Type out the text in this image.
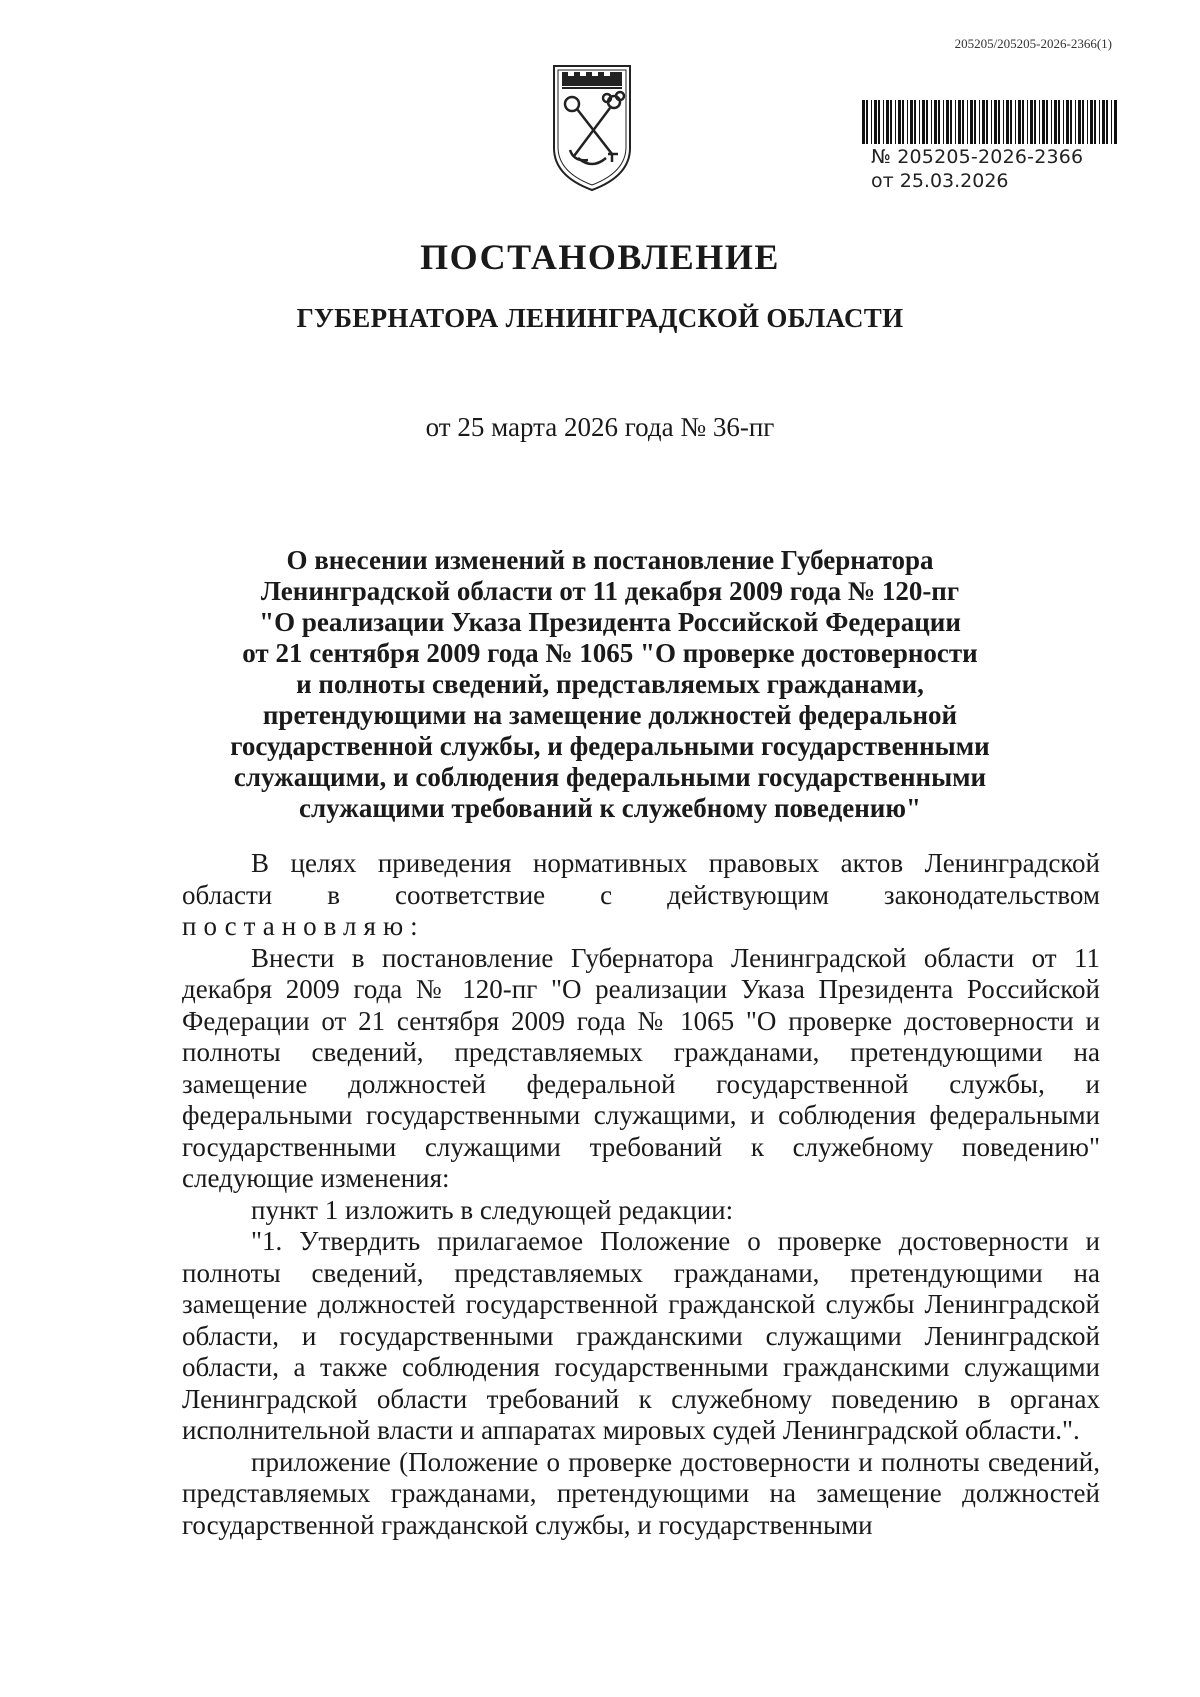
205205/205205-2026-2366(1)
№ 205205-2026-2366
от 25.03.2026
ПОСТАНОВЛЕНИЕ
ГУБЕРНАТОРА ЛЕНИНГРАДСКОЙ ОБЛАСТИ
от 25 марта 2026 года № 36-пг
О внесении изменений в постановление Губернатора
Ленинградской области от 11 декабря 2009 года № 120-пг
"О реализации Указа Президента Российской Федерации
от 21 сентября 2009 года № 1065 "О проверке достоверности
и полноты сведений, представляемых гражданами,
претендующими на замещение должностей федеральной
государственной службы, и федеральными государственными
служащими, и соблюдения федеральными государственными
служащими требований к служебному поведению"

В целях приведения нормативных правовых актов Ленинградской области в соответствие с действующим законодательством постановляю:

Внести в постановление Губернатора Ленинградской области от 11 декабря 2009 года № 120-пг "О реализации Указа Президента Российской Федерации от 21 сентября 2009 года № 1065 "О проверке достоверности и полноты сведений, представляемых гражданами, претендующими на замещение должностей федеральной государственной службы, и федеральными государственными служащими, и соблюдения федеральными государственными служащими требований к служебному поведению" следующие изменения:

пункт 1 изложить в следующей редакции:

"1. Утвердить прилагаемое Положение о проверке достоверности и полноты сведений, представляемых гражданами, претендующими на замещение должностей государственной гражданской службы Ленинградской области, и государственными гражданскими служащими Ленинградской области, а также соблюдения государственными гражданскими служащими Ленинградской области требований к служебному поведению в органах исполнительной власти и аппаратах мировых судей Ленинградской области.".

приложение (Положение о проверке достоверности и полноты сведений, представляемых гражданами, претендующими на замещение должностей государственной гражданской службы, и государственными
